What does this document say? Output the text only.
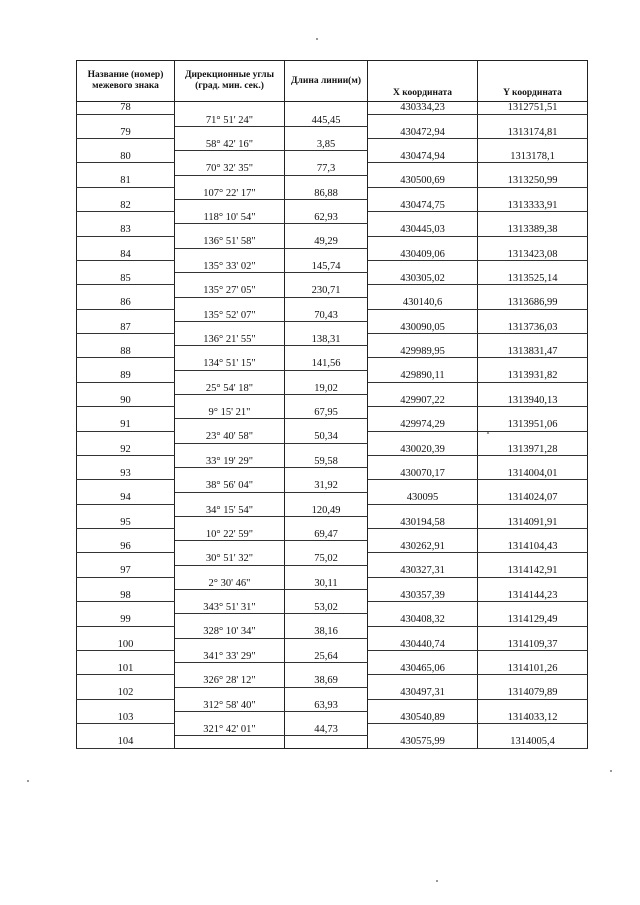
Название (номер) межевого знака	Дирекционные углы (град. мин. сек.)	Длина линии(м)	X координата	Y координата
78			430334,23	1312751,51
	71° 51' 24"	445,45		
79			430472,94	1313174,81
	58° 42' 16"	3,85		
80			430474,94	1313178,1
	70° 32' 35"	77,3		
81			430500,69	1313250,99
	107° 22' 17"	86,88		
82			430474,75	1313333,91
	118° 10' 54"	62,93		
83			430445,03	1313389,38
	136° 51' 58"	49,29		
84			430409,06	1313423,08
	135° 33' 02"	145,74		
85			430305,02	1313525,14
	135° 27' 05"	230,71		
86			430140,6	1313686,99
	135° 52' 07"	70,43		
87			430090,05	1313736,03
	136° 21' 55"	138,31		
88			429989,95	1313831,47
	134° 51' 15"	141,56		
89			429890,11	1313931,82
	25° 54' 18"	19,02		
90			429907,22	1313940,13
	9° 15' 21"	67,95		
91			429974,29	1313951,06
	23° 40' 58"	50,34		
92			430020,39	1313971,28
	33° 19' 29"	59,58		
93			430070,17	1314004,01
	38° 56' 04"	31,92		
94			430095	1314024,07
	34° 15' 54"	120,49		
95			430194,58	1314091,91
	10° 22' 59"	69,47		
96			430262,91	1314104,43
	30° 51' 32"	75,02		
97			430327,31	1314142,91
	2° 30' 46"	30,11		
98			430357,39	1314144,23
	343° 51' 31"	53,02		
99			430408,32	1314129,49
	328° 10' 34"	38,16		
100			430440,74	1314109,37
	341° 33' 29"	25,64		
101			430465,06	1314101,26
	326° 28' 12"	38,69		
102			430497,31	1314079,89
	312° 58' 40"	63,93		
103			430540,89	1314033,12
	321° 42' 01"	44,73		
104			430575,99	1314005,4
